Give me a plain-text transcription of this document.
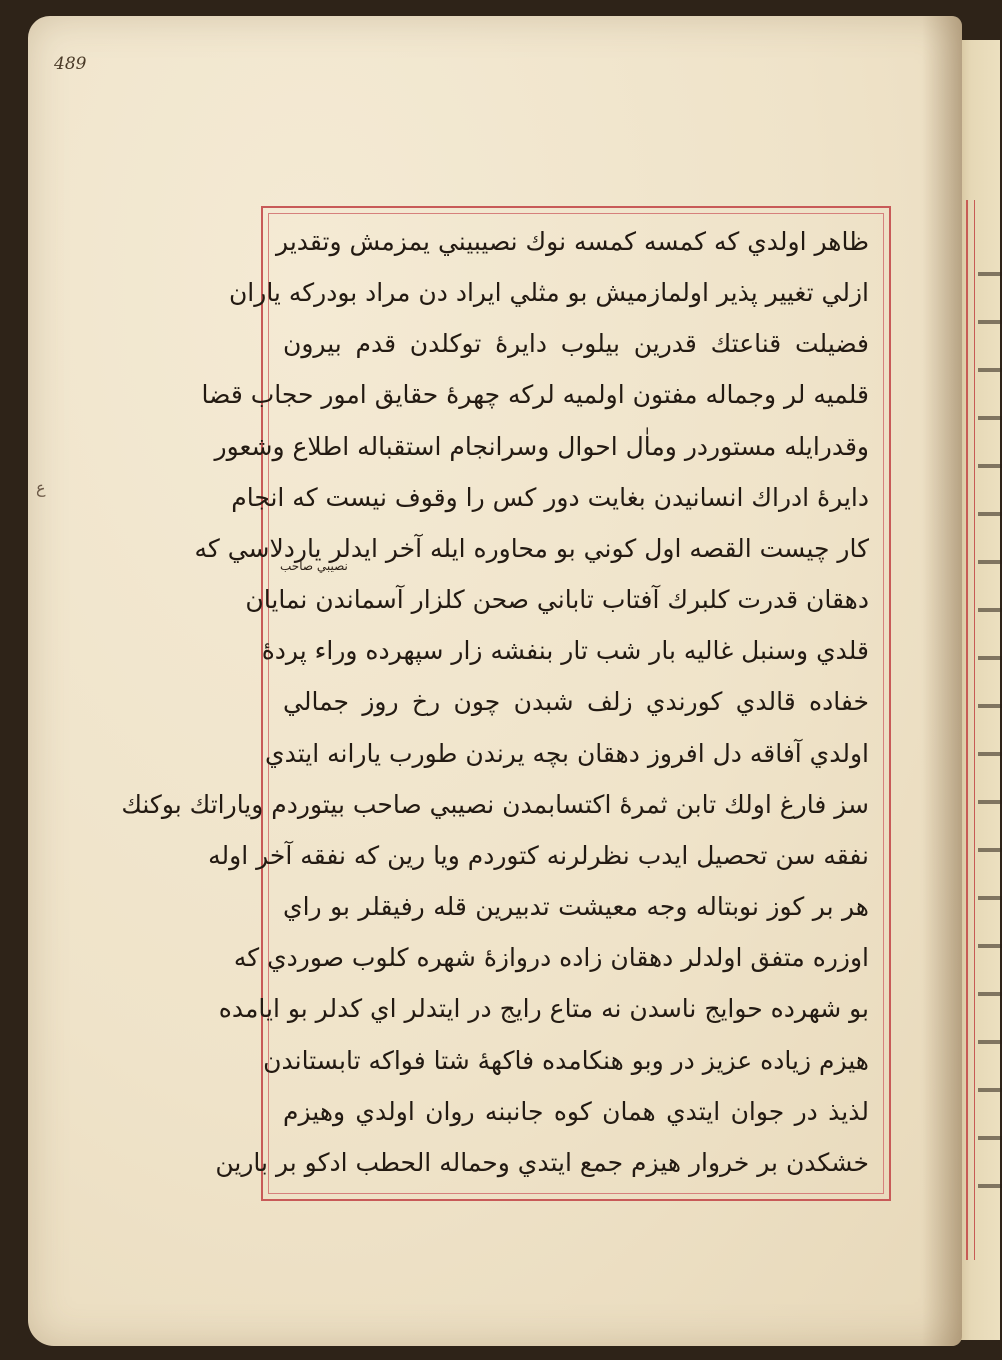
489
ع
ظاهر اولدي كه كمسه كمسه نوك نصيبيني يمزمش وتقدير
ازلي تغيير پذير اولمازميش بو مثلي ايراد دن مراد بودركه ياران
فضيلت قناعتك قدرين بيلوب دايرهٔ توكلدن قدم بيرون
قلميه لر وجماله مفتون اولميه لركه چهرهٔ حقايق امور حجاب قضا
وقدرايله مستوردر وماٰل احوال وسرانجام استقباله اطلاع وشعور
دايرهٔ ادراك انسانيدن بغايت دور كس را وقوف نيست كه انجام
كار چيست القصه اول كوني بو محاوره ايله آخر ايدلر ياردلاسي كه
دهقان قدرت كلبرك آفتاب تاباني صحن كلزار آسماندن نمايان
قلدي وسنبل غاليه بار شب تار بنفشه زار سپهرده وراء پردهٔ
خفاده قالدي كورندي زلف شبدن چون رخ روز جمالي
اولدي آفاقه دل افروز دهقان بچه يرندن طورب يارانه ايتدي
سز فارغ اولك تابن ثمرهٔ اكتسابمدن نصيبي صاحب بيتوردم وياراتك بوكنك
نفقه سن تحصيل ايدب نظرلرنه كتوردم ويا رين كه نفقه آخر اوله
هر بر كوز نوبتاله وجه معيشت تدبيرين قله رفيقلر بو راي
اوزره متفق اولدلر دهقان زاده دروازهٔ شهره كلوب صوردي كه
بو شهرده حوايج ناسدن نه متاع رايج در ايتدلر اي كدلر بو ايامده
هيزم زياده عزيز در وبو هنكامده فاكههٔ شتا فواكه تابستاندن
لذيذ در جوان ايتدي همان كوه جانبنه روان اولدي وهيزم
خشكدن بر خروار هيزم جمع ايتدي وحماله الحطب ادكو بر بارين
نصيبي صاحب
